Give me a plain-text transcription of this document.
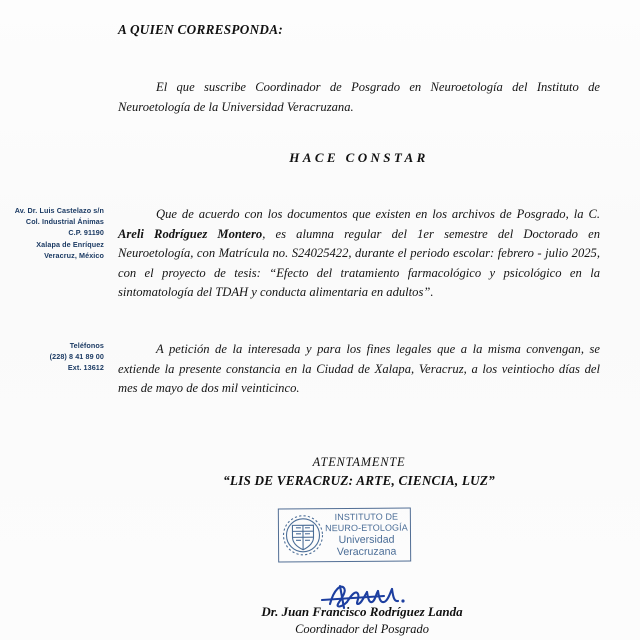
Av. Dr. Luis Castelazo s/n
Col. Industrial Ánimas
C.P. 91190
Xalapa de Enríquez
Veracruz, México
Teléfonos
(228) 8 41 89 00
Ext. 13612
A QUIEN CORRESPONDA:
El que suscribe Coordinador de Posgrado en Neuroetología del Instituto de Neuroetología de la Universidad Veracruzana.
HACE CONSTAR
Que de acuerdo con los documentos que existen en los archivos de Posgrado, la C. Areli Rodríguez Montero, es alumna regular del 1er semestre del Doctorado en Neuroetología, con Matrícula no. S24025422, durante el periodo escolar: febrero - julio 2025, con el proyecto de tesis: “Efecto del tratamiento farmacológico y psicológico en la sintomatología del TDAH y conducta alimentaria en adultos”.
A petición de la interesada y para los fines legales que a la misma convengan, se extiende la presente constancia en la Ciudad de Xalapa, Veracruz, a los veintiocho días del mes de mayo de dos mil veinticinco.
ATENTAMENTE
“LIS DE VERACRUZ: ARTE, CIENCIA, LUZ”
INSTITUTO DE
NEURO-ETOLOGÍA
Universidad
Veracruzana
Dr. Juan Francisco Rodríguez Landa
Coordinador del Posgrado
